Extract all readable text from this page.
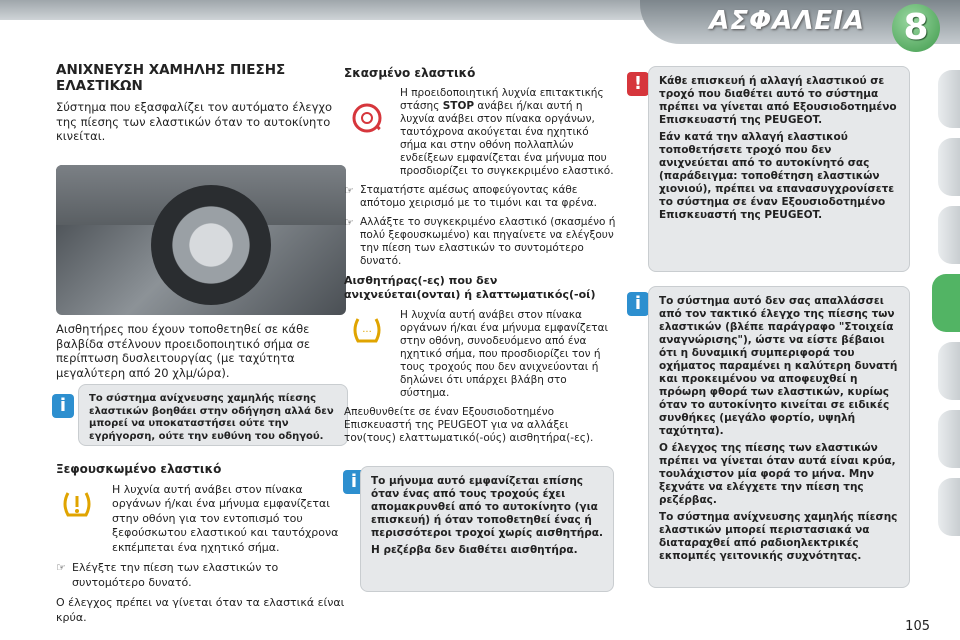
ΑΣΦΑΛΕΙΑ	8
ΑΝΙΧΝΕΥΣΗ ΧΑΜΗΛΗΣ ΠΙΕΣΗΣ ΕΛΑΣΤΙΚΩΝ

Σύστημα που εξασφαλίζει τον αυτόματο έλεγχο της πίεσης των ελαστικών όταν το αυτοκίνητο κινείται.

Αισθητήρες που έχουν τοποθετηθεί σε κάθε βαλβίδα στέλνουν προειδοποιητικό σήμα σε περίπτωση δυσλειτουργίας (με ταχύτητα μεγαλύτερη από 20 χλμ/ώρα).

i	Το σύστημα ανίχνευσης χαμηλής πίεσης ελαστικών βοηθάει στην οδήγηση αλλά δεν μπορεί να υποκαταστήσει ούτε την εγρήγορση, ούτε την ευθύνη του οδηγού.

Ξεφουσκωμένο ελαστικό

Η λυχνία αυτή ανάβει στον πίνακα οργάνων ή/και ένα μήνυμα εμφανίζεται στην οθόνη για τον εντοπισμό του ξεφούσκωτου ελαστικού και ταυτόχρονα εκπέμπεται ένα ηχητικό σήμα.

☞ Ελέγξτε την πίεση των ελαστικών το συντομότερο δυνατό.

Ο έλεγχος πρέπει να γίνεται όταν τα ελαστικά είναι κρύα.

Σκασμένο ελαστικό

Η προειδοποιητική λυχνία επιτακτικής στάσης STOP ανάβει ή/και αυτή η λυχνία ανάβει στον πίνακα οργάνων, ταυτόχρονα ακούγεται ένα ηχητικό σήμα και στην οθόνη πολλαπλών ενδείξεων εμφανίζεται ένα μήνυμα που προσδιορίζει το συγκεκριμένο ελαστικό.

☞ Σταματήστε αμέσως αποφεύγοντας κάθε απότομο χειρισμό με το τιμόνι και τα φρένα.

☞ Αλλάξτε το συγκεκριμένο ελαστικό (σκασμένο ή πολύ ξεφουσκωμένο) και πηγαίνετε να ελέγξουν την πίεση των ελαστικών το συντομότερο δυνατό.

Αισθητήρας(-ες) που δεν ανιχνεύεται(ονται) ή ελαττωματικός(-οί)
···

Η λυχνία αυτή ανάβει στον πίνακα οργάνων ή/και ένα μήνυμα εμφανίζεται στην οθόνη, συνοδευόμενο από ένα ηχητικό σήμα, που προσδιορίζει τον ή τους τροχούς που δεν ανιχνεύονται ή δηλώνει ότι υπάρχει βλάβη στο σύστημα.

Απευθυνθείτε σε έναν Εξουσιοδοτημένο Επισκευαστή της PEUGEOT για να αλλάξει τον(τους) ελαττωματικό(-ούς) αισθητήρα(-ες).

i	Το μήνυμα αυτό εμφανίζεται επίσης όταν ένας από τους τροχούς έχει απομακρυνθεί από το αυτοκίνητο (για επισκευή) ή όταν τοποθετηθεί ένας ή περισσότεροι τροχοί χωρίς αισθητήρα.

Η ρεζέρβα δεν διαθέτει αισθητήρα.

!	Κάθε επισκευή ή αλλαγή ελαστικού σε τροχό που διαθέτει αυτό το σύστημα πρέπει να γίνεται από Εξουσιοδοτημένο Επισκευαστή της PEUGEOT.

Εάν κατά την αλλαγή ελαστικού τοποθετήσετε τροχό που δεν ανιχνεύεται από το αυτοκίνητό σας (παράδειγμα: τοποθέτηση ελαστικών χιονιού), πρέπει να επανασυγχρονίσετε το σύστημα σε έναν Εξουσιοδοτημένο Επισκευαστή της PEUGEOT.

i	Το σύστημα αυτό δεν σας απαλλάσσει από τον τακτικό έλεγχο της πίεσης των ελαστικών (βλέπε παράγραφο "Στοιχεία αναγνώρισης"), ώστε να είστε βέβαιοι ότι η δυναμική συμπεριφορά του οχήματος παραμένει η καλύτερη δυνατή και προκειμένου να αποφευχθεί η πρόωρη φθορά των ελαστικών, κυρίως όταν το αυτοκίνητο κινείται σε ειδικές συνθήκες (μεγάλο φορτίο, υψηλή ταχύτητα).

Ο έλεγχος της πίεσης των ελαστικών πρέπει να γίνεται όταν αυτά είναι κρύα, τουλάχιστον μία φορά το μήνα. Μην ξεχνάτε να ελέγχετε την πίεση της ρεζέρβας.

Το σύστημα ανίχνευσης χαμηλής πίεσης ελαστικών μπορεί περιστασιακά να διαταραχθεί από ραδιοηλεκτρικές εκπομπές γειτονικής συχνότητας.

105
